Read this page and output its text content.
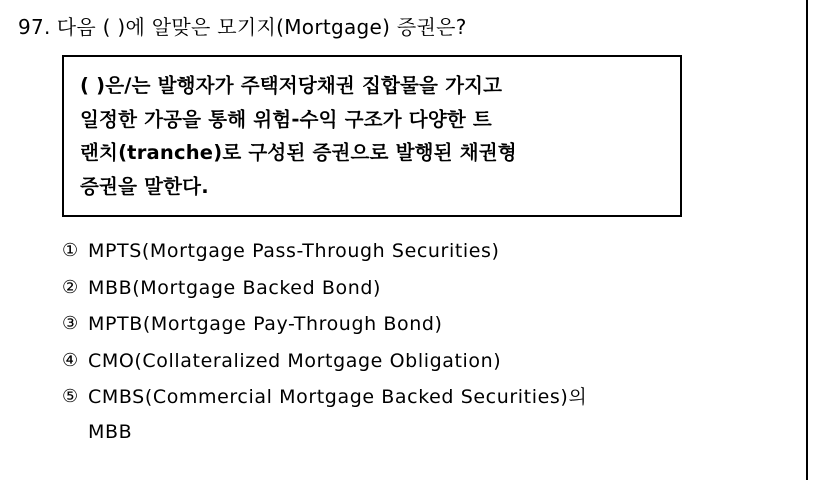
97. 다음 ( )에 알맞은 모기지(Mortgage) 증권은?
( )은/는 발행자가 주택저당채권 집합물을 가지고
일정한 가공을 통해 위험-수익 구조가 다양한 트
랜치(tranche)로 구성된 증권으로 발행된 채권형
증권을 말한다.
① MPTS(Mortgage Pass-Through Securities)
② MBB(Mortgage Backed Bond)
③ MPTB(Mortgage Pay-Through Bond)
④ CMO(Collateralized Mortgage Obligation)
⑤ CMBS(Commercial Mortgage Backed Securities)의
MBB
